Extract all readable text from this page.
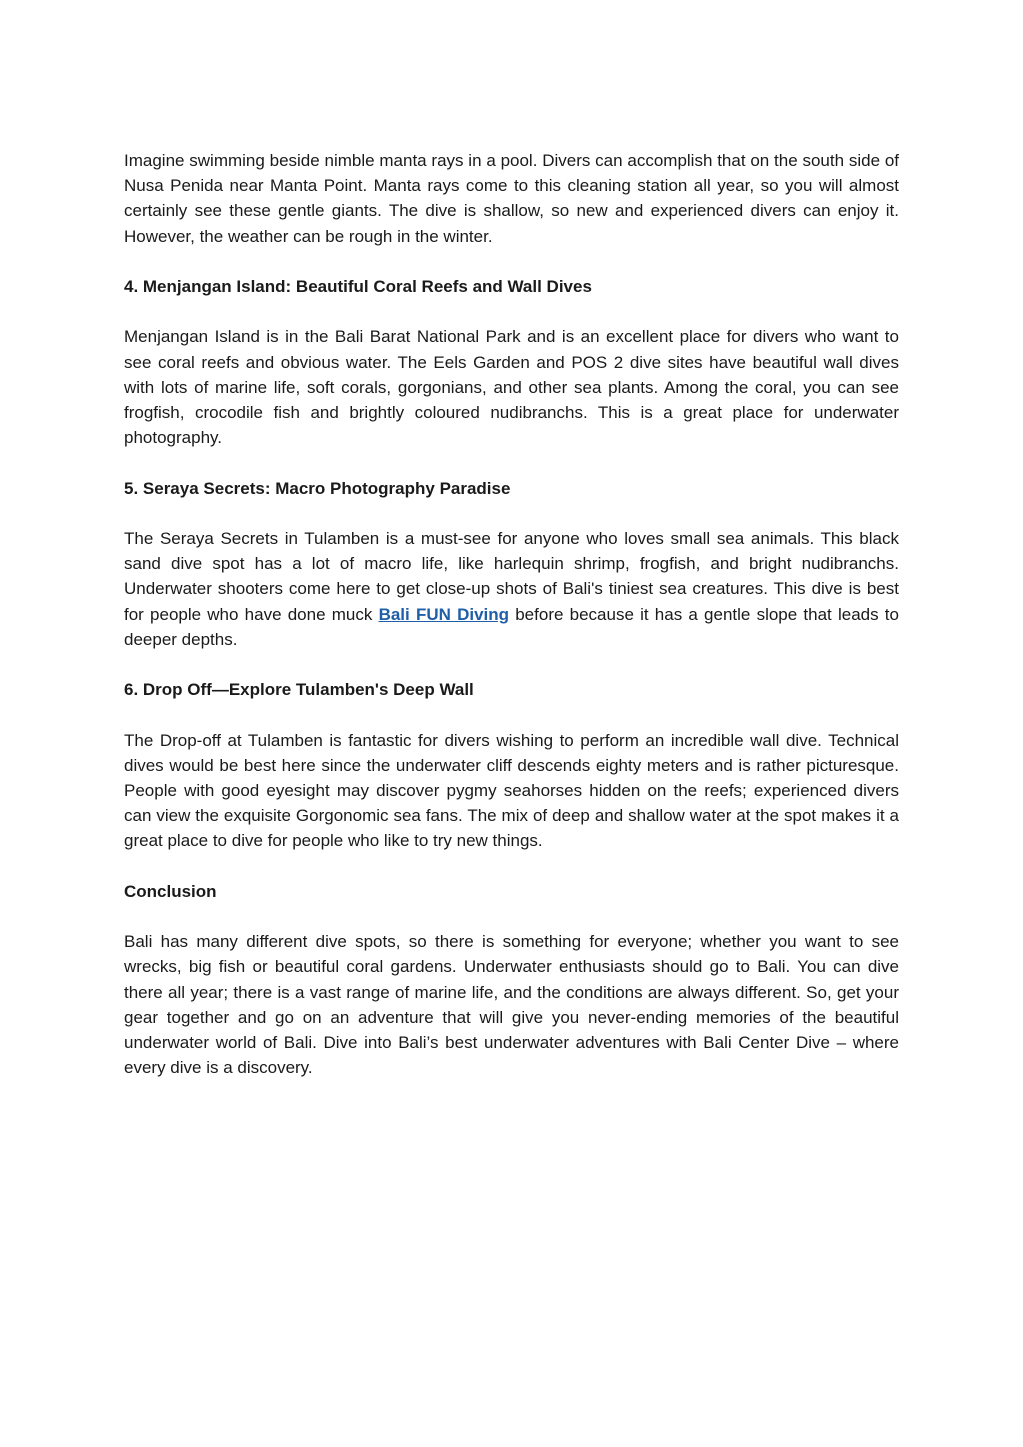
Imagine swimming beside nimble manta rays in a pool. Divers can accomplish that on the south side of Nusa Penida near Manta Point. Manta rays come to this cleaning station all year, so you will almost certainly see these gentle giants. The dive is shallow, so new and experienced divers can enjoy it. However, the weather can be rough in the winter.

4. Menjangan Island: Beautiful Coral Reefs and Wall Dives

Menjangan Island is in the Bali Barat National Park and is an excellent place for divers who want to see coral reefs and obvious water. The Eels Garden and POS 2 dive sites have beautiful wall dives with lots of marine life, soft corals, gorgonians, and other sea plants. Among the coral, you can see frogfish, crocodile fish and brightly coloured nudibranchs. This is a great place for underwater photography.

5. Seraya Secrets: Macro Photography Paradise

The Seraya Secrets in Tulamben is a must-see for anyone who loves small sea animals. This black sand dive spot has a lot of macro life, like harlequin shrimp, frogfish, and bright nudibranchs. Underwater shooters come here to get close-up shots of Bali's tiniest sea creatures. This dive is best for people who have done muck Bali FUN Diving before because it has a gentle slope that leads to deeper depths.

6. Drop Off—Explore Tulamben's Deep Wall

The Drop-off at Tulamben is fantastic for divers wishing to perform an incredible wall dive. Technical dives would be best here since the underwater cliff descends eighty meters and is rather picturesque. People with good eyesight may discover pygmy seahorses hidden on the reefs; experienced divers can view the exquisite Gorgonomic sea fans. The mix of deep and shallow water at the spot makes it a great place to dive for people who like to try new things.

Conclusion

Bali has many different dive spots, so there is something for everyone; whether you want to see wrecks, big fish or beautiful coral gardens. Underwater enthusiasts should go to Bali. You can dive there all year; there is a vast range of marine life, and the conditions are always different. So, get your gear together and go on an adventure that will give you never-ending memories of the beautiful underwater world of Bali. Dive into Bali’s best underwater adventures with Bali Center Dive – where every dive is a discovery.
